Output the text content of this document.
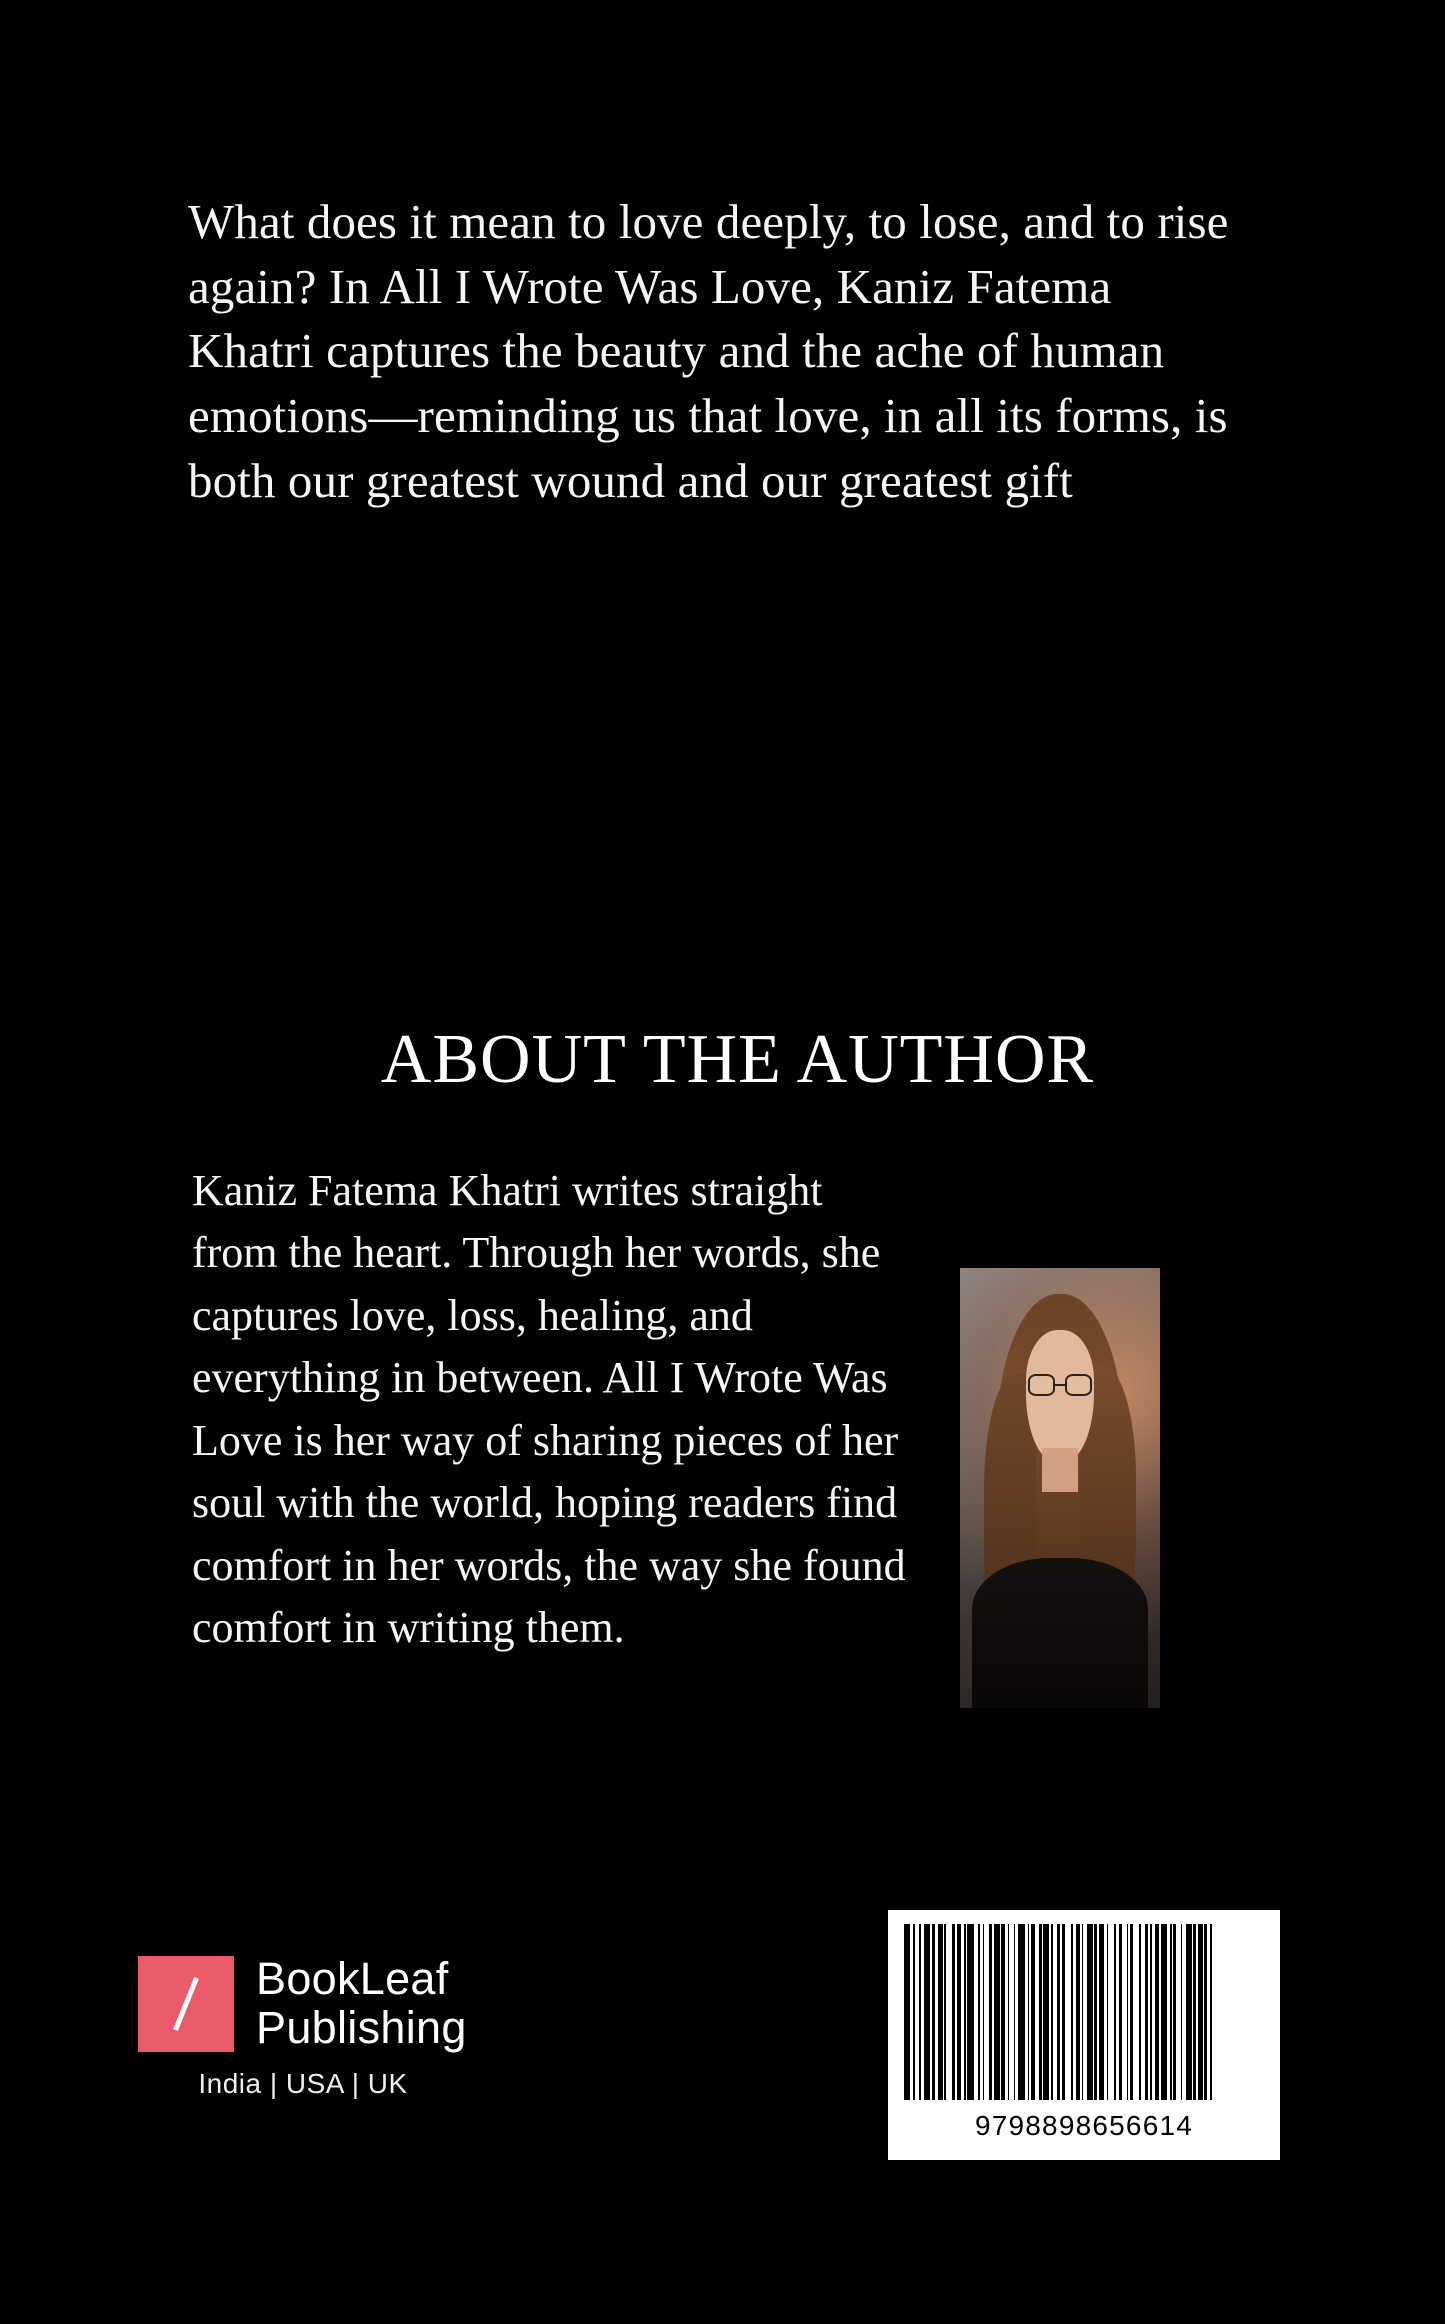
What does it mean to love deeply, to lose, and to rise again? In All I Wrote Was Love, Kaniz Fatema Khatri captures the beauty and the ache of human emotions—reminding us that love, in all its forms, is both our greatest wound and our greatest gift
ABOUT THE AUTHOR
Kaniz Fatema Khatri writes straight from the heart. Through her words, she captures love, loss, healing, and everything in between. All I Wrote Was Love is her way of sharing pieces of her soul with the world, hoping readers find comfort in her words, the way she found comfort in writing them.
BookLeaf
Publishing
India | USA | UK
9798898656614
